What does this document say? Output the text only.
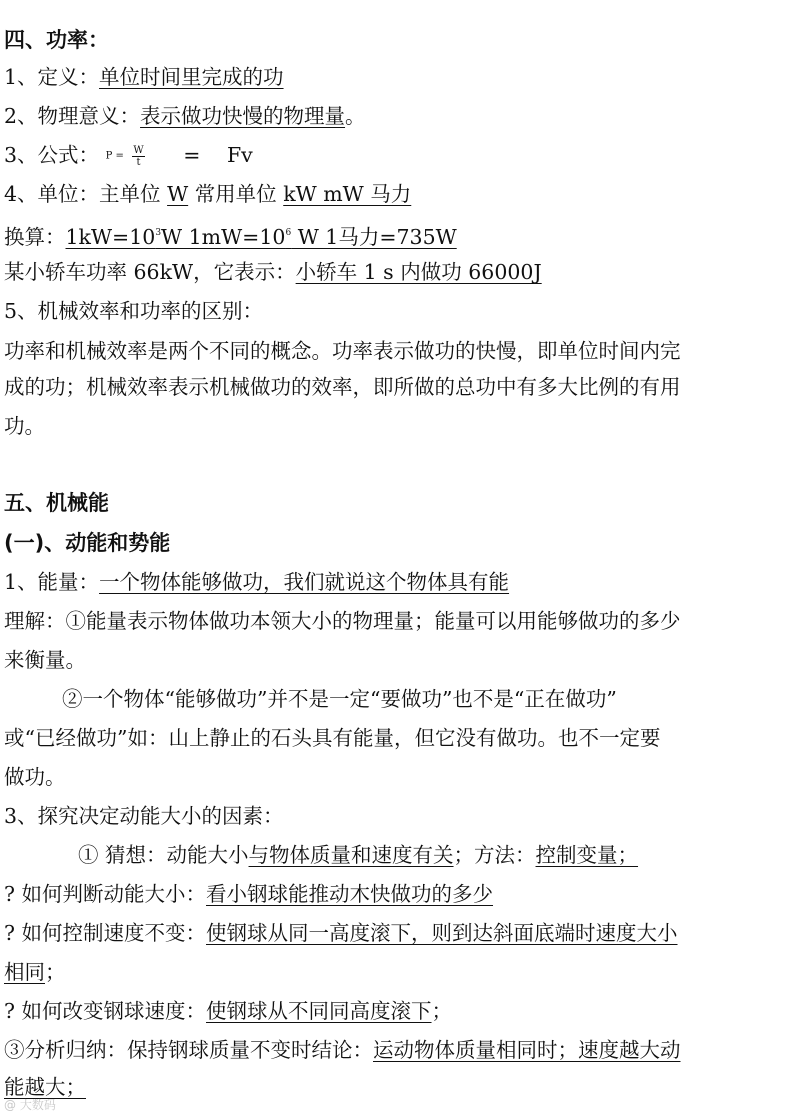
四、功率：
1、定义：单位时间里完成的功
2、物理意义：表示做功快慢的物理量。
3、公式： $P = \frac{W}{t} = Fv$
4、单位：主单位 W 常用单位 kW mW 马力
换算：$1kW=10^3W$ $1mW=10^6$ W 1马力=735W
某小轿车功率 66kW，它表示：小轿车 1 s 内做功 66000J
5、机械效率和功率的区别：
功率和机械效率是两个不同的概念。功率表示做功的快慢，即单位时间内完
成的功；机械效率表示机械做功的效率，即所做的总功中有多大比例的有用
功。
五、机械能
(一)、动能和势能
1、能量：一个物体能够做功，我们就说这个物体具有能
理解：①能量表示物体做功本领大小的物理量；能量可以用能够做功的多少
来衡量。
②一个物体“能够做功”并不是一定“要做功”也不是“正在做功”
或“已经做功”如：山上静止的石头具有能量，但它没有做功。也不一定要
做功。
3、探究决定动能大小的因素：
① 猜想：动能大小与物体质量和速度有关；方法：控制变量；
? 如何判断动能大小：看小钢球能推动木快做功的多少
? 如何控制速度不变：使钢球从同一高度滚下，则到达斜面底端时速度大小
相同；
? 如何改变钢球速度：使钢球从不同同高度滚下；
③分析归纳：保持钢球质量不变时结论：运动物体质量相同时；速度越大动
能越大；
@ 大数码
